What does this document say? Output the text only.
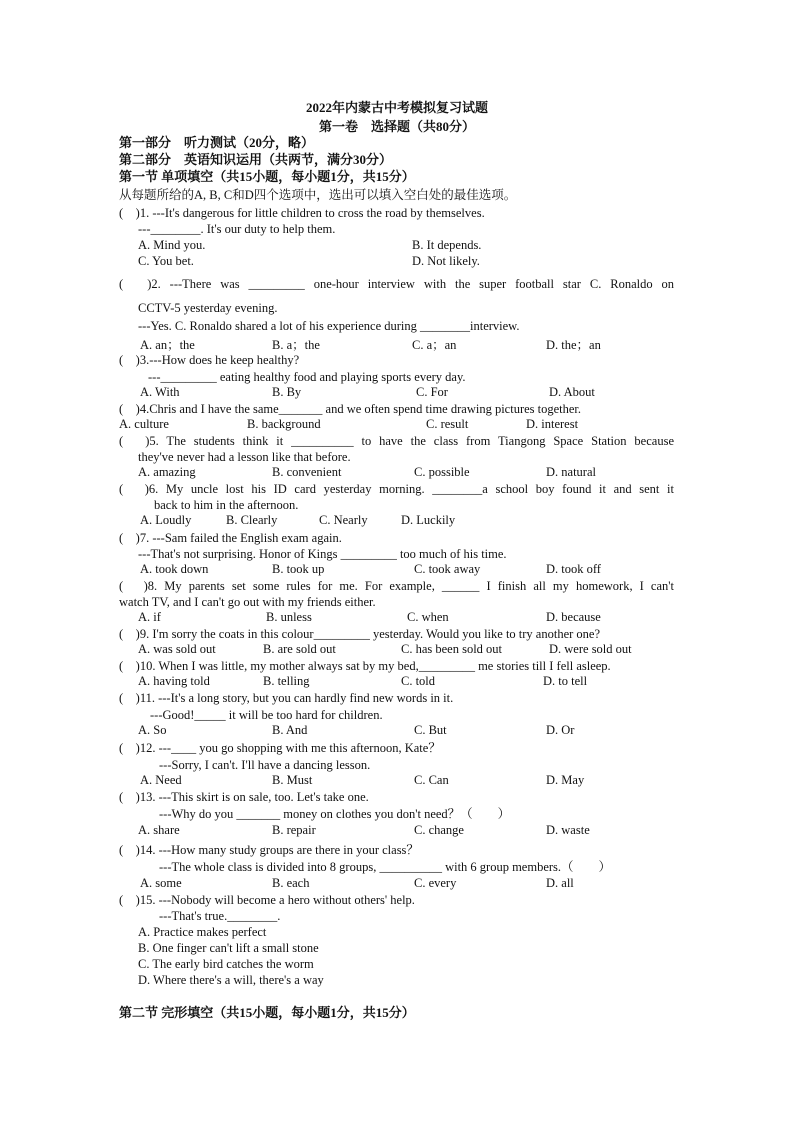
2022年内蒙古中考模拟复习试题
第一卷　选择题（共80分）
第一部分　听力测试（20分，略）
第二部分　英语知识运用（共两节，满分30分）
第一节 单项填空（共15小题，每小题1分，共15分）
从每题所给的A, B, C和D四个选项中，选出可以填入空白处的最佳选项。
(　)1. ---It's dangerous for little children to cross the road by themselves.
---________. It's our duty to help them.
A. Mind you.	B. It depends.
C. You bet.	D. Not likely.
(　)2. ---There was _________ one-hour interview with the super football star C. Ronaldo on
CCTV-5 yesterday evening.
---Yes. C. Ronaldo shared a lot of his experience during ________interview.
A. an；the	B. a；the	C. a；an	D. the；an
(　)3.---How does he keep healthy?
---_________ eating healthy food and playing sports every day.
A. With	B. By	C. For	D. About
(　)4.Chris and I have the same_______ and we often spend time drawing pictures together.
A. culture	B. background	C. result	D. interest
(　)5. The students think it __________ to have the class from Tiangong Space Station because
they've never had a lesson like that before.
A. amazing	B. convenient	C. possible	D. natural
(　)6. My uncle lost his ID card yesterday morning. ________a school boy found it and sent it
back to him in the afternoon.
A. Loudly	B. Clearly	C. Nearly	D. Luckily
(　)7. ---Sam failed the English exam again.
---That's not surprising. Honor of Kings _________ too much of his time.
A. took down	B. took up	C. took away	D. took off
(　)8. My parents set some rules for me. For example, ______ I finish all my homework, I can't
watch TV, and I can't go out with my friends either.
A. if	B. unless	C. when	D. because
(　)9. I'm sorry the coats in this colour_________ yesterday. Would you like to try another one?
A. was sold out	B. are sold out	C. has been sold out	D. were sold out
(　)10. When I was little, my mother always sat by my bed,_________ me stories till I fell asleep.
A. having told	B. telling	C. told	D. to tell
(　)11. ---It's a long story, but you can hardly find new words in it.
---Good!_____ it will be too hard for children.
A. So	B. And	C. But	D. Or
(　)12. ---____ you go shopping with me this afternoon, Kate？
---Sorry, I can't. I'll have a dancing lesson.
A. Need	B. Must	C. Can	D. May
(　)13. ---This skirt is on sale, too. Let's take one.
---Why do you _______ money on clothes you don't need？（　　）
A. share	B. repair	C. change	D. waste
(　)14. ---How many study groups are there in your class？
---The whole class is divided into 8 groups, __________ with 6 group members.（　　）
A. some	B. each	C. every	D. all
(　)15. ---Nobody will become a hero without others' help.
---That's true.________.
A. Practice makes perfect
B. One finger can't lift a small stone
C. The early bird catches the worm
D. Where there's a will, there's a way
第二节 完形填空（共15小题，每小题1分，共15分）
